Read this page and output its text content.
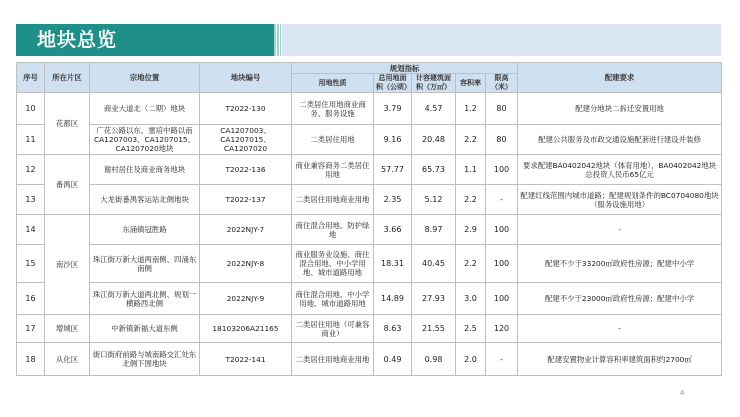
地块总览
序号	所在片区	宗地位置	地块编号	规划指标					配建要求
				用地性质	总用地面积（公顷）	计容建筑面积（万㎡）	容积率	限高（米）	
10	花都区	商业大道北（二期）地块	T2022-130	二类居住用地商业商务、服务设施	3.79	4.57	1.2	80	配建分地块二拆迁安置用地
11		广花公路以东、塞培中路以南CA1207003、CA1207015、CA1207020地块	CA1207003、CA1207015、CA1207020	二类居住用地	9.16	20.48	2.2	80	配建公共服务及市政交通设施配套进行建设并装修
12	番禺区	谢村居住及商业商务地块	T2022-136	商业兼容商务二类居住用地	57.77	65.73	1.1	100	要求配建BA0402042地块（体育用地），BA0402042地块总投资人民币65亿元
13		大龙街番禺客运站北侧地块	T2022-137	二类居住用地商业用地	2.35	5.12	2.2	-	配建红线范围内城市道路；配建规划条件的BC0704080地块（服务设施用地）
14	南沙区	东涌镇冠胜路	2022NJY-7	商住混合用地、防护绿地	3.66	8.97	2.9	100	-
15		珠江街万新大道两南侧、四涌东南侧	2022NJY-8	商业服务业设施、商住混合用地、中小学用地、城市道路用地	18.31	40.45	2.2	100	配建不少于33200㎡政府性房源；配建中小学
16		珠江街万新大道两北侧、规划一横路西北侧	2022NJY-9	商住混合用地、中小学用地、城市道路用地	14.89	27.93	3.0	100	配建不少于23000㎡政府性房源；配建中小学
17	增城区	中新镇新福大道东侧	18103206A21165	二类居住用地（可兼容商业）	8.63	21.55	2.5	120	-
18	从化区	街口街府前路与城南路交汇处东北侧下围地块	T2022-141	二类居住用地商业用地	0.49	0.98	2.0	-	配建安置物业计算容积率建筑面积约2700㎡
4
